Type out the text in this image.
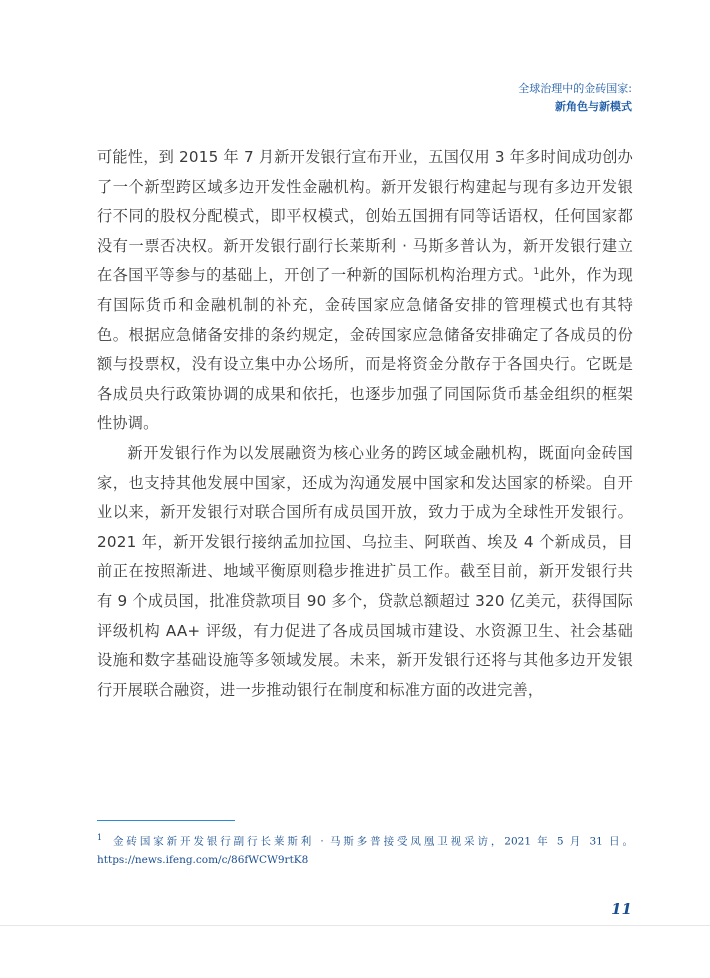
全球治理中的金砖国家:
新角色与新模式

可能性，到 2015 年 7 月新开发银行宣布开业，五国仅用 3 年多时间成功创办了一个新型跨区域多边开发性金融机构。新开发银行构建起与现有多边开发银行不同的股权分配模式，即平权模式，创始五国拥有同等话语权，任何国家都没有一票否决权。新开发银行副行长莱斯利 · 马斯多普认为，新开发银行建立在各国平等参与的基础上，开创了一种新的国际机构治理方式。$^1$此外，作为现有国际货币和金融机制的补充，金砖国家应急储备安排的管理模式也有其特色。根据应急储备安排的条约规定，金砖国家应急储备安排确定了各成员的份额与投票权，没有设立集中办公场所，而是将资金分散存于各国央行。它既是各成员央行政策协调的成果和依托，也逐步加强了同国际货币基金组织的框架性协调。

新开发银行作为以发展融资为核心业务的跨区域金融机构，既面向金砖国家，也支持其他发展中国家，还成为沟通发展中国家和发达国家的桥梁。自开业以来，新开发银行对联合国所有成员国开放，致力于成为全球性开发银行。2021 年，新开发银行接纳孟加拉国、乌拉圭、阿联酋、埃及 4 个新成员，目前正在按照渐进、地域平衡原则稳步推进扩员工作。截至目前，新开发银行共有 9 个成员国，批准贷款项目 90 多个，贷款总额超过 320 亿美元，获得国际评级机构 AA+ 评级，有力促进了各成员国城市建设、水资源卫生、社会基础设施和数字基础设施等多领域发展。未来，新开发银行还将与其他多边开发银行开展联合融资，进一步推动银行在制度和标准方面的改进完善，

$^1$ 金砖国家新开发银行副行长莱斯利 · 马斯多普接受凤凰卫视采访，2021 年 5 月 31 日。https://news.ifeng.com/c/86fWCW9rtK8
11
